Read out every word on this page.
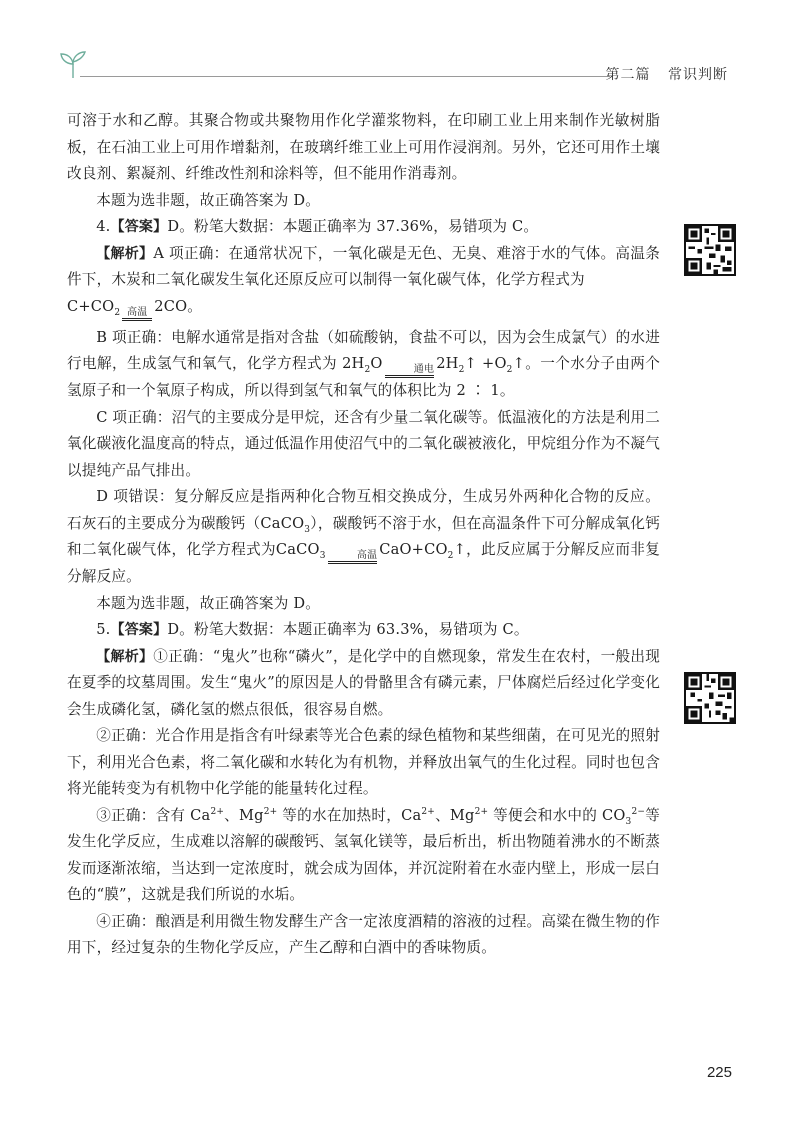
第二篇 常识判断

可溶于水和乙醇。其聚合物或共聚物用作化学灌浆物料，在印刷工业上用来制作光敏树脂板，在石油工业上可用作增黏剂，在玻璃纤维工业上可用作浸润剂。另外，它还可用作土壤改良剂、絮凝剂、纤维改性剂和涂料等，但不能用作消毒剂。

本题为选非题，故正确答案为 D。

4.【答案】D。粉笔大数据：本题正确率为 37.36%，易错项为 C。

【解析】A 项正确：在通常状况下，一氧化碳是无色、无臭、难溶于水的气体。高温条件下，木炭和二氧化碳发生氧化还原反应可以制得一氧化碳气体，化学方程式为

$C+CO_2$ 高温 2CO。

B 项正确：电解水通常是指对含盐（如硫酸钠，食盐不可以，因为会生成氯气）的水进行电解，生成氢气和氧气，化学方程式为 $2H_2O$	通电 $2H_2↑$ $+O_2↑$。一个水分子由两个氢原子和一个氧原子构成，所以得到氢气和氧气的体积比为 2 ∶ 1。

C 项正确：沼气的主要成分是甲烷，还含有少量二氧化碳等。低温液化的方法是利用二氧化碳液化温度高的特点，通过低温作用使沼气中的二氧化碳被液化，甲烷组分作为不凝气以提纯产品气排出。

D 项错误：复分解反应是指两种化合物互相交换成分，生成另外两种化合物的反应。石灰石的主要成分为碳酸钙（CaCO$_3$），碳酸钙不溶于水，但在高温条件下可分解成氧化钙和二氧化碳气体，化学方程式为CaCO$_3$	高温 $CaO+CO_2↑$，此反应属于分解反应而非复分解反应。

本题为选非题，故正确答案为 D。

5.【答案】D。粉笔大数据：本题正确率为 63.3%，易错项为 C。

【解析】①正确：“鬼火”也称“磷火”，是化学中的自燃现象，常发生在农村，一般出现在夏季的坟墓周围。发生“鬼火”的原因是人的骨骼里含有磷元素，尸体腐烂后经过化学变化会生成磷化氢，磷化氢的燃点很低，很容易自燃。

②正确：光合作用是指含有叶绿素等光合色素的绿色植物和某些细菌，在可见光的照射下，利用光合色素，将二氧化碳和水转化为有机物，并释放出氧气的生化过程。同时也包含将光能转变为有机物中化学能的能量转化过程。

③正确：含有 $Ca^{2+}$、$Mg^{2+}$ 等的水在加热时，$Ca^{2+}$、$Mg^{2+}$ 等便会和水中的 $CO_3^{2-}$等发生化学反应，生成难以溶解的碳酸钙、氢氧化镁等，最后析出，析出物随着沸水的不断蒸发而逐渐浓缩，当达到一定浓度时，就会成为固体，并沉淀附着在水壶内壁上，形成一层白色的“膜”，这就是我们所说的水垢。

④正确：酿酒是利用微生物发酵生产含一定浓度酒精的溶液的过程。高粱在微生物的作用下，经过复杂的生物化学反应，产生乙醇和白酒中的香味物质。

225
